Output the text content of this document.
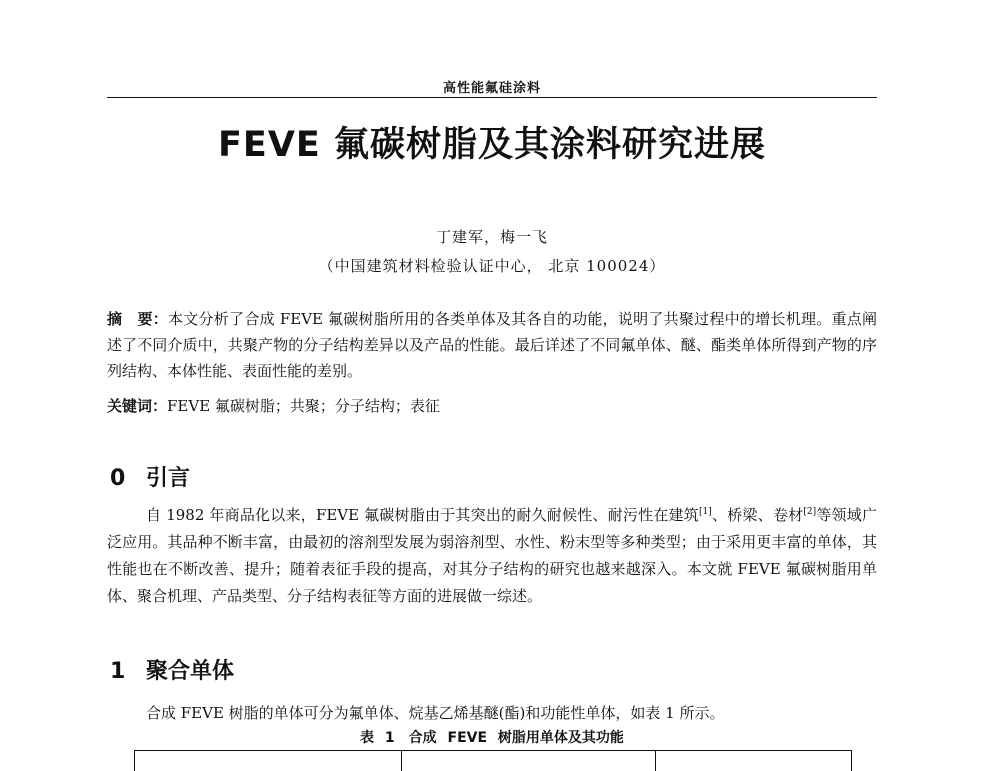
高性能氟硅涂料
FEVE 氟碳树脂及其涂料研究进展
丁建军，梅一飞
（中国建筑材料检验认证中心， 北京 100024）

摘　要：本文分析了合成 FEVE 氟碳树脂所用的各类单体及其各自的功能，说明了共聚过程中的增长机理。重点阐述了不同介质中，共聚产物的分子结构差异以及产品的性能。最后详述了不同氟单体、醚、酯类单体所得到产物的序列结构、本体性能、表面性能的差别。

关键词：FEVE 氟碳树脂；共聚；分子结构；表征

0 引言

自 1982 年商品化以来，FEVE 氟碳树脂由于其突出的耐久耐候性、耐污性在建筑[1]、桥梁、卷材[2]等领域广泛应用。其品种不断丰富，由最初的溶剂型发展为弱溶剂型、水性、粉末型等多种类型；由于采用更丰富的单体，其性能也在不断改善、提升；随着表征手段的提高，对其分子结构的研究也越来越深入。本文就 FEVE 氟碳树脂用单体、聚合机理、产品类型、分子结构表征等方面的进展做一综述。

1 聚合单体

合成 FEVE 树脂的单体可分为氟单体、烷基乙烯基醚(酯)和功能性单体，如表 1 所示。

表 1　合成 FEVE 树脂用单体及其功能
